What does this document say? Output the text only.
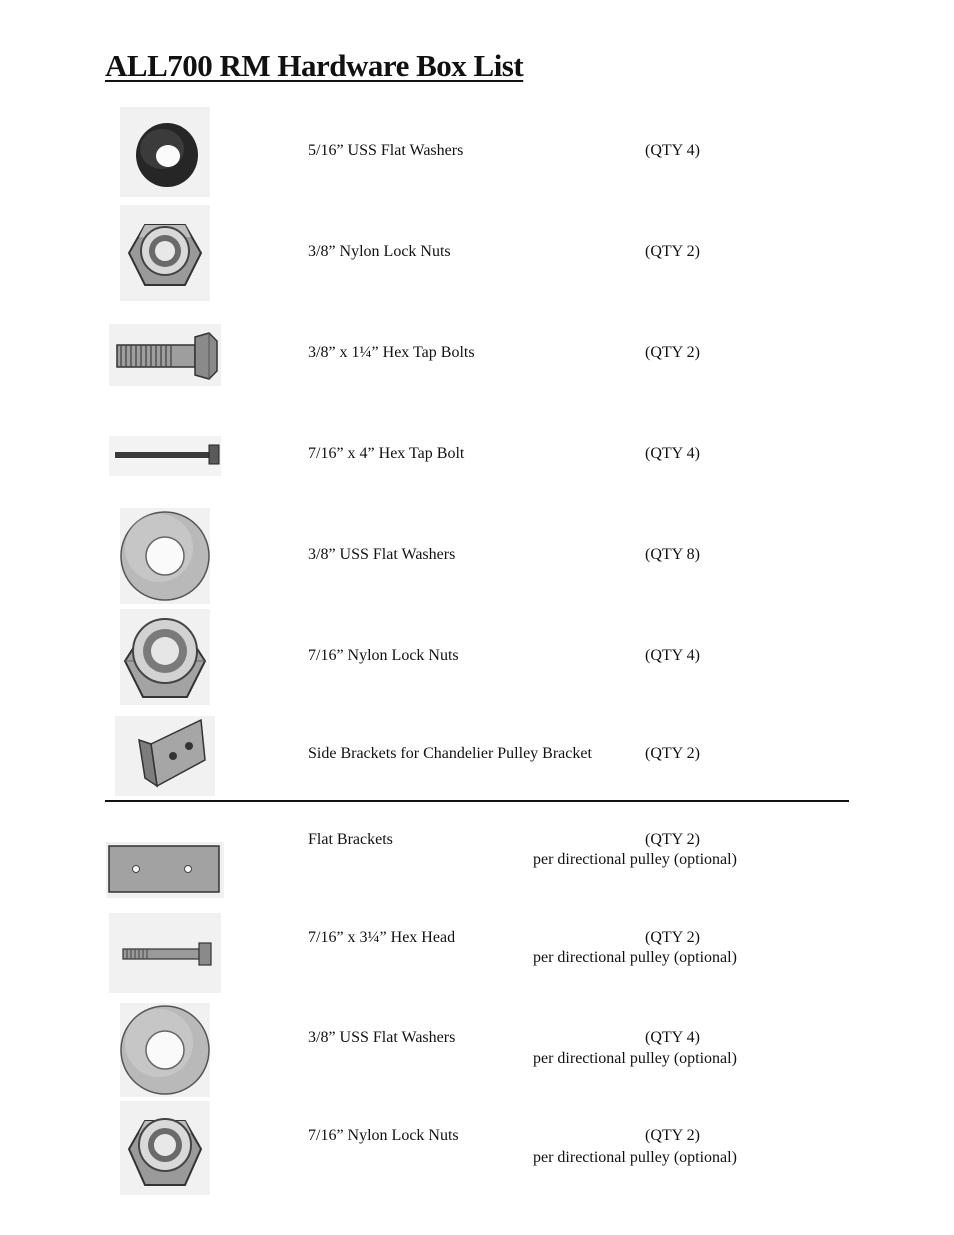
ALL700 RM Hardware Box List
5/16” USS Flat Washers	(QTY 4)
3/8” Nylon Lock Nuts	(QTY 2)
3/8” x 1¼” Hex Tap Bolts	(QTY 2)
7/16” x 4” Hex Tap Bolt	(QTY 4)
3/8” USS Flat Washers	(QTY 8)
7/16” Nylon Lock Nuts	(QTY 4)
Side Brackets for Chandelier Pulley Bracket	(QTY 2)
Flat Brackets	(QTY 2)
per directional pulley (optional)
7/16” x 3¼” Hex Head	(QTY 2)
per directional pulley (optional)
3/8” USS Flat Washers	(QTY 4)
per directional pulley (optional)
7/16” Nylon Lock Nuts	(QTY 2)
per directional pulley (optional)
